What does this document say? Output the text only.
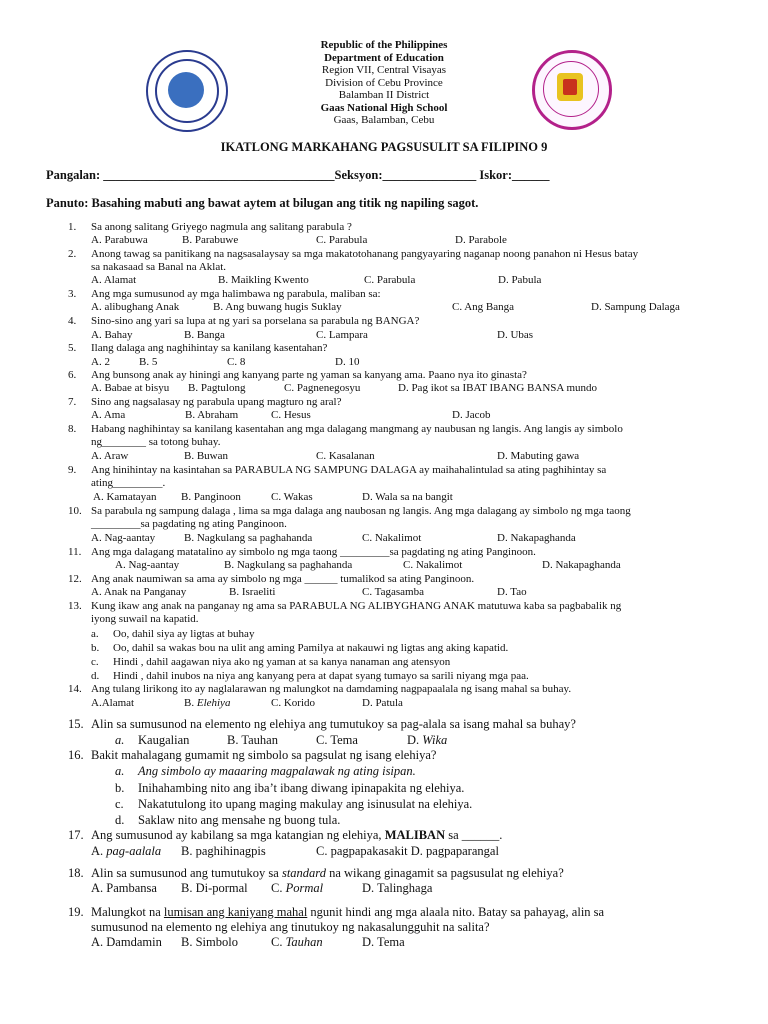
Republic of the Philippines
Department of Education
Region VII, Central Visayas
Division of Cebu Province
Balamban II District
Gaas National High School
Gaas, Balamban, Cebu
IKATLONG MARKAHANG PAGSUSULIT SA FILIPINO 9
Pangalan: _____________________________________Seksyon:_______________ Iskor:______
Panuto: Basahing mabuti ang bawat aytem at bilugan ang titik ng napiling sagot.
1.	Sa anong salitang Griyego nagmula ang salitang parabula ?
A. Parabuwa	B. Parabuwe	C. Parabula	D. Parabole
2.	Anong tawag sa panitikang na nagsasalaysay sa mga makatotohanang pangyayaring naganap noong panahon ni Hesus batay
sa nakasaad sa Banal na Aklat.
A. Alamat	B. Maikling Kwento	C. Parabula	D. Pabula
3.	Ang mga sumusunod ay mga halimbawa ng parabula, maliban sa:
A. alibughang Anak	B. Ang buwang hugis Suklay	C. Ang Banga	D. Sampung Dalaga
4.	Sino-sino ang yari sa lupa at ng yari sa porselana sa parabula ng BANGA?
A. Bahay	B. Banga	C. Lampara	D. Ubas
5.	Ilang dalaga ang naghihintay sa kanilang kasentahan?
A. 2	B. 5	C. 8	D. 10
6.	Ang bunsong anak ay hiningi ang kanyang parte ng yaman sa kanyang ama. Paano nya ito ginasta?
A. Babae at bisyu B. Pagtulong	C. Pagnenegosyu	D. Pag ikot sa IBAT IBANG BANSA mundo
7.	Sino ang nagsalasay ng parabula upang magturo ng aral?
A. Ama	B. Abraham	C. Hesus	D. Jacob
8.	Habang naghihintay sa kanilang kasentahan ang mga dalagang mangmang ay naubusan ng langis. Ang langis ay simbolo
ng________ sa totong buhay.
A. Araw	B. Buwan	C. Kasalanan	D. Mabuting gawa
9.	Ang hinihintay na kasintahan sa PARABULA NG SAMPUNG DALAGA ay maihahalintulad sa ating paghihintay sa
ating_________.
A. Kamatayan B. Panginoon	C. Wakas	D. Wala sa na bangit
10. Sa parabula ng sampung dalaga , lima sa mga dalaga ang naubosan ng langis. Ang mga dalagang ay simbolo ng mga taong
_________sa pagdating ng ating Panginoon.
A. Nag-aantay	B. Nagkulang sa paghahanda	C. Nakalimot	D. Nakapaghanda
11. Ang mga dalagang matatalino ay simbolo ng mga taong _________sa pagdating ng ating Panginoon.
A. Nag-aantay	B. Nagkulang sa paghahanda	C. Nakalimot	D. Nakapaghanda
12. Ang anak naumiwan sa ama ay simbolo ng mga ______ tumalikod sa ating Panginoon.
A. Anak na Panganay	B. Israeliti	C. Tagasamba	D. Tao
13. Kung ikaw ang anak na panganay ng ama sa PARABULA NG ALIBYGHANG ANAK matutuwa kaba sa pagbabalik ng
iyong suwail na kapatid.
a. Oo, dahil siya ay ligtas at buhay
b. Oo, dahil sa wakas bou na ulit ang aming Pamilya at nakauwi ng ligtas ang aking kapatid.
c. Hindi , dahil aagawan niya ako ng yaman at sa kanya nanaman ang atensyon
d. Hindi , dahil inubos na niya ang kanyang pera at dapat syang tumayo sa sarili niyang mga paa.
14. Ang tulang lirikong ito ay naglalarawan ng malungkot na damdaming nagpapaalala ng isang mahal sa buhay.
A.Alamat	B. Elehiya	C. Korido	D. Patula
15. Alin sa sumusunod na elemento ng elehiya ang tumutukoy sa pag-alala sa isang mahal sa buhay?
a. Kaugalian	B. Tauhan	C. Tema	D. Wika
16. Bakit mahalagang gumamit ng simbolo sa pagsulat ng isang elehiya?
a. Ang simbolo ay maaaring magpalawak ng ating isipan.
b. Inihahambing nito ang iba’t ibang diwang ipinapakita ng elehiya.
c. Nakatutulong ito upang maging makulay ang isinusulat na elehiya.
d. Saklaw nito ang mensahe ng buong tula.
17. Ang sumusunod ay kabilang sa mga katangian ng elehiya, MALIBAN sa ______.
A. pag-aalala B. paghihinagpis	C. pagpapakasakit D. pagpaparangal
18. Alin sa sumusunod ang tumutukoy sa standard na wikang ginagamit sa pagsusulat ng elehiya?
A. Pambansa B. Di-pormal C. Pormal	D. Talinghaga
19. Malungkot na lumisan ang kaniyang mahal ngunit hindi ang mga alaala nito. Batay sa pahayag, alin sa
sumusunod na elemento ng elehiya ang tinutukoy ng nakasalungguhit na salita?
A. Damdamin B. Simbolo	C. Tauhan	D. Tema
